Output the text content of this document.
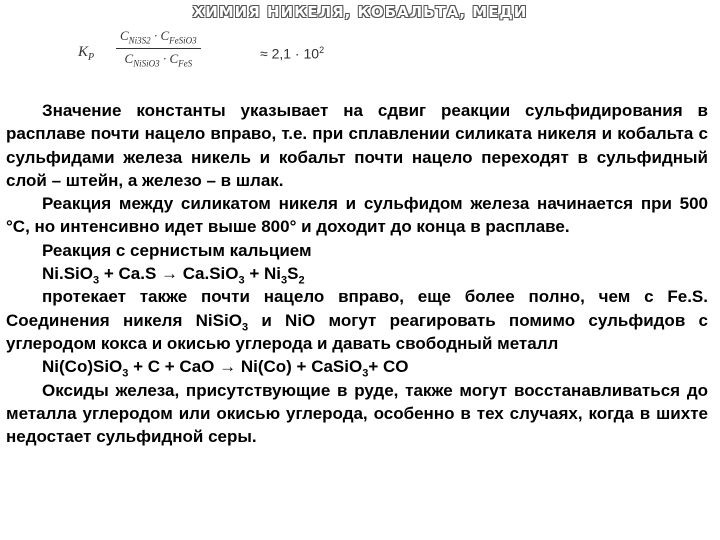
ХИМИЯ НИКЕЛЯ, КОБАЛЬТА, МЕДИ
$K_P$
$C_{Ni3S2} \cdot C_{FeSiO3}$
$C_{NiSiO3} \cdot C_{FeS}$
≈ $2,1 \cdot 10^2$

Значение константы указывает на сдвиг реакции сульфидирования в расплаве почти нацело вправо, т.е. при сплавлении силиката никеля и кобальта с сульфидами железа никель и кобальт почти нацело переходят в сульфидный слой – штейн, а железо – в шлак.

Реакция между силикатом никеля и сульфидом железа начинается при 500 °С, но интенсивно идет выше 800° и доходит до конца в расплаве.

Реакция с сернистым кальцием

$Ni.SiO_3 + Ca.S \to Ca.SiO_3 + Ni_3S_2$

протекает также почти нацело вправо, еще более полно, чем с Fe.S. Соединения никеля NiSiO$_3$ и NiO могут реагировать помимо сульфидов с углеродом кокса и окисью углерода и давать свободный металл

Ni(Co)SiO$_3$ + C + CaO → Ni(Co) + CaSiO$_3$+ CO

Оксиды железа, присутствующие в руде, также могут восстанавливаться до металла углеродом или окисью углерода, особенно в тех случаях, когда в шихте недостает сульфидной серы.
